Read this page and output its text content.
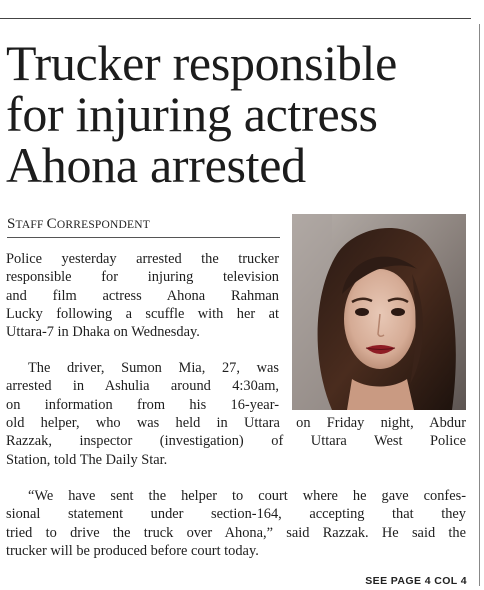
Trucker responsible
for injuring actress
Ahona arrested
STAFF CORRESPONDENT
Police yesterday arrested the trucker
responsible for injuring television
and film actress Ahona Rahman
Lucky following a scuffle with her at
Uttara-7 in Dhaka on Wednesday.
The driver, Sumon Mia, 27, was
arrested in Ashulia around 4:30am,
on information from his 16-year-
old helper, who was held in Uttara on Friday night, Abdur
Razzak, inspector (investigation) of Uttara West Police
Station, told The Daily Star.
“We have sent the helper to court where he gave confes-
sional statement under section-164, accepting that they
tried to drive the truck over Ahona,” said Razzak. He said the
trucker will be produced before court today.
SEE PAGE 4 COL 4
